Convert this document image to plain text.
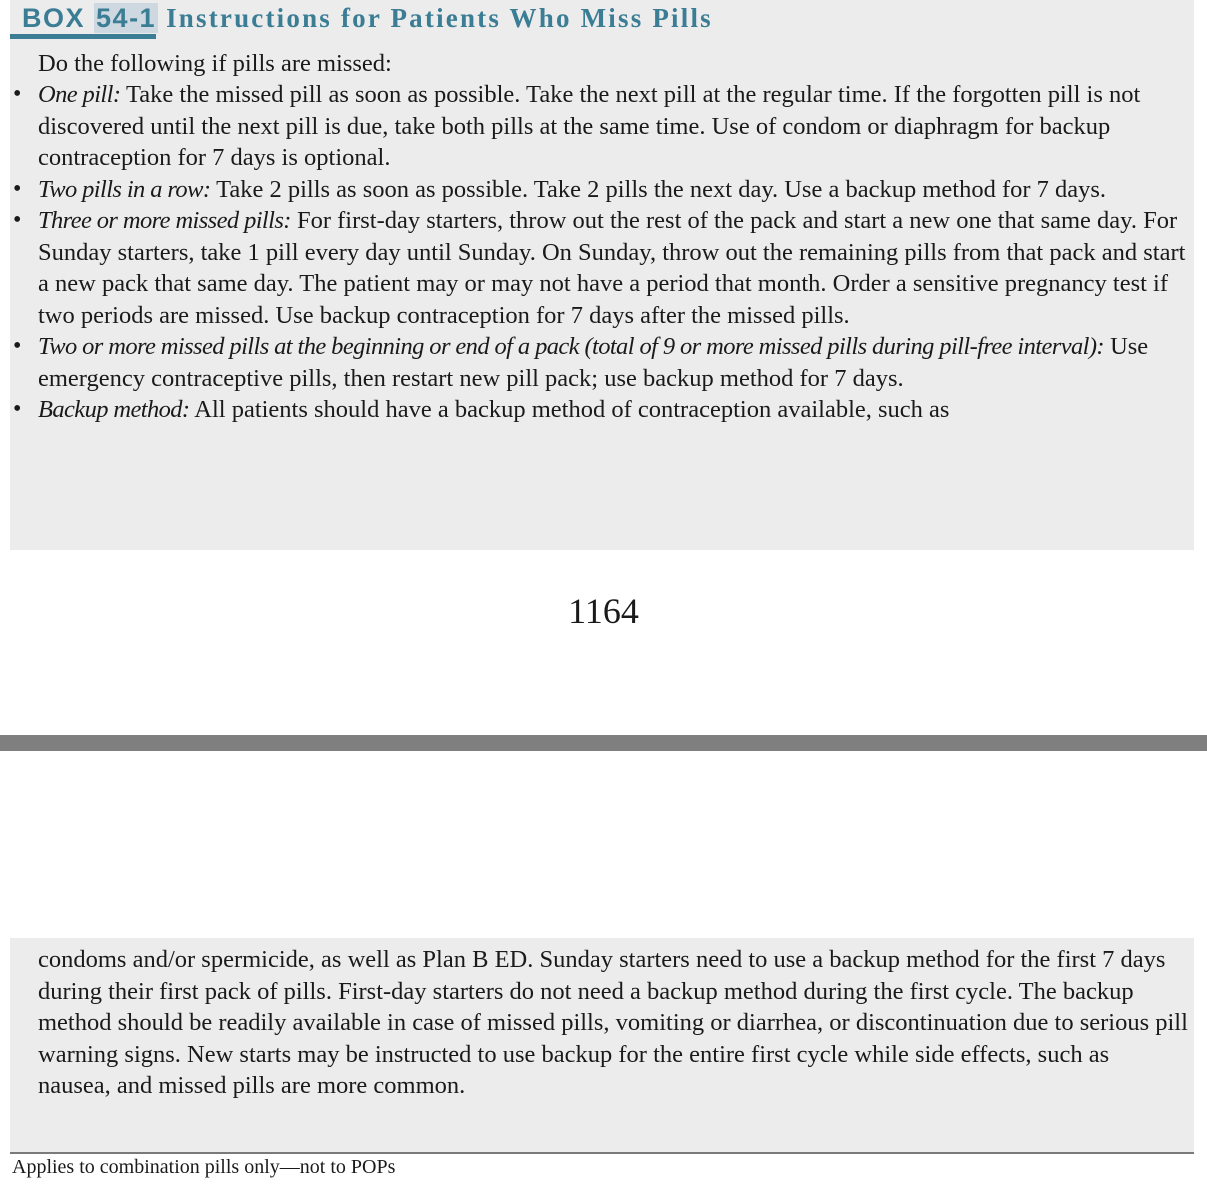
BOX 54-1 Instructions for Patients Who Miss Pills
Do the following if pills are missed:
• One pill: Take the missed pill as soon as possible. Take the next pill at the regular time. If the forgotten pill is not discovered until the next pill is due, take both pills at the same time. Use of condom or diaphragm for backup contraception for 7 days is optional.
• Two pills in a row: Take 2 pills as soon as possible. Take 2 pills the next day. Use a backup method for 7 days.
• Three or more missed pills: For first-day starters, throw out the rest of the pack and start a new one that same day. For Sunday starters, take 1 pill every day until Sunday. On Sunday, throw out the remaining pills from that pack and start a new pack that same day. The patient may or may not have a period that month. Order a sensitive pregnancy test if two periods are missed. Use backup contraception for 7 days after the missed pills.
• Two or more missed pills at the beginning or end of a pack (total of 9 or more missed pills during pill-free interval): Use emergency contraceptive pills, then restart new pill pack; use backup method for 7 days.
• Backup method: All patients should have a backup method of contraception available, such as
1164
condoms and/or spermicide, as well as Plan B ED. Sunday starters need to use a backup method for the first 7 days during their first pack of pills. First-day starters do not need a backup method during the first cycle. The backup method should be readily available in case of missed pills, vomiting or diarrhea, or discontinuation due to serious pill warning signs. New starts may be instructed to use backup for the entire first cycle while side effects, such as nausea, and missed pills are more common.
Applies to combination pills only—not to POPs
